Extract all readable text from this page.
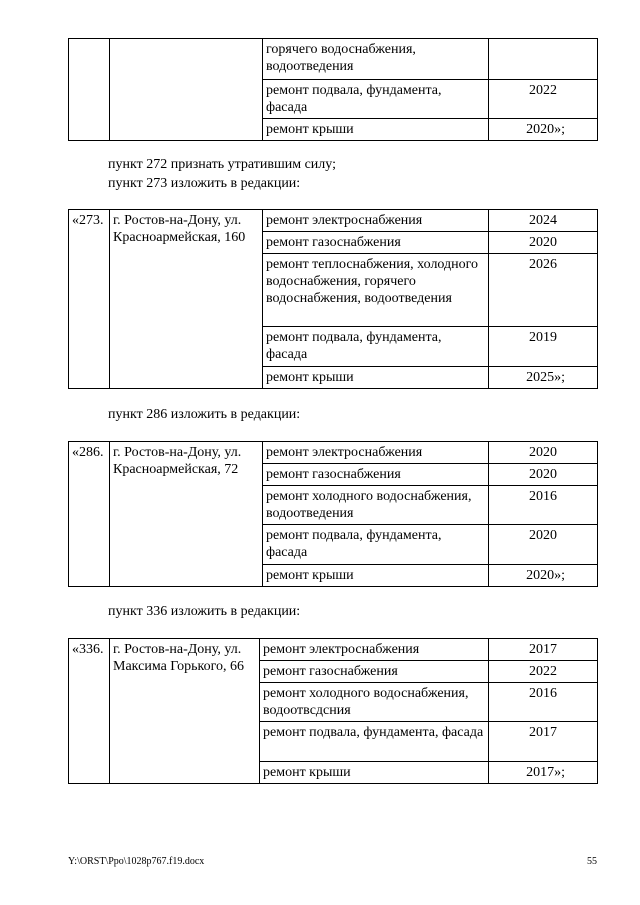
		горячего водоснабжения, водоотведения	
		ремонт подвала, фундамента, фасада	2022
		ремонт крыши	2020»;
пункт 272 признать утратившим силу;
пункт 273 изложить в редакции:
«273.	г. Ростов-на-Дону, ул. Красноармейская, 160	ремонт электроснабжения	2024
		ремонт газоснабжения	2020
		ремонт теплоснабжения, холодного водоснабжения, горячего водоснабжения, водоотведения	2026
		ремонт подвала, фундамента, фасада	2019
		ремонт крыши	2025»;
пункт 286 изложить в редакции:
«286.	г. Ростов-на-Дону, ул. Красноармейская, 72	ремонт электроснабжения	2020
		ремонт газоснабжения	2020
		ремонт холодного водоснабжения, водоотведения	2016
		ремонт подвала, фундамента, фасада	2020
		ремонт крыши	2020»;
пункт 336 изложить в редакции:
«336.	г. Ростов-на-Дону, ул. Максима Горького, 66	ремонт электроснабжения	2017
		ремонт газоснабжения	2022
		ремонт холодного водоснабжения, водоотвсдсния	2016
		ремонт подвала, фундамента, фасада	2017
		ремонт крыши	2017»;
Y:\ORST\Ppo\1028p767.f19.docx	55
